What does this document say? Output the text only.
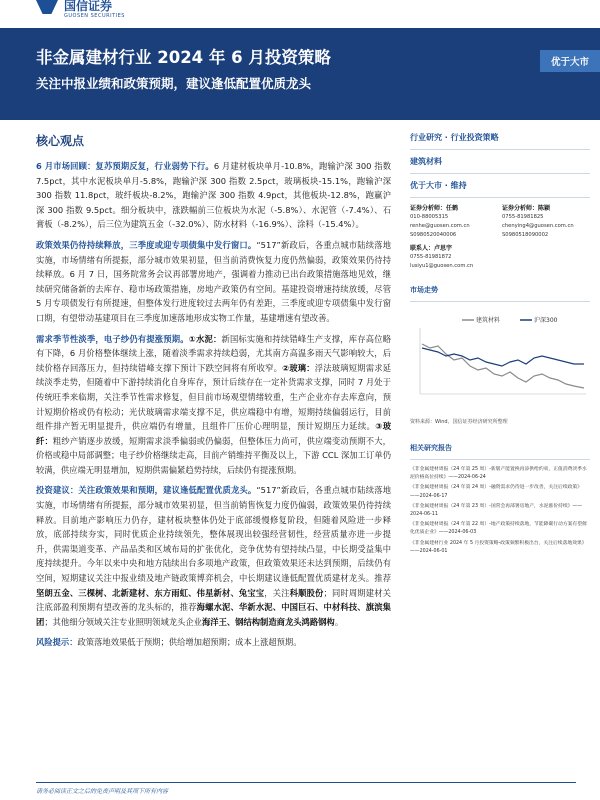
国信证券
GUOSEN SECURITIES
非金属建材行业 2024 年 6 月投资策略
关注中报业绩和政策预期，建议逢低配置优质龙头
优于大市
核心观点

6 月市场回顾：复苏预期反复，行业弱势下行。6 月建材板块单月-10.8%，跑输沪深 300 指数 7.5pct，其中水泥板块单月-5.8%，跑输沪深 300 指数 2.5pct，玻璃板块-15.1%，跑输沪深 300 指数 11.8pct，玻纤板块-8.2%，跑输沪深 300 指数 4.9pct，其他板块-12.8%，跑赢沪深 300 指数 9.5pct。细分板块中，涨跌幅前三位板块为水泥（-5.8%）、水泥管（-7.4%）、石膏板（-8.2%），后三位为建筑五金（-32.0%）、防水材料（-16.9%）、涂料（-15.4%）。

政策效果仍待持续释放，三季度或迎专项债集中发行窗口。“517”新政后，各重点城市陆续落地实施，市场情绪有所提振，部分城市效果初显，但当前消费恢复力度仍然偏弱，政策效果仍待持续释放。6 月 7 日，国务院常务会议再部署房地产，强调着力推动已出台政策措施落地见效，继续研究储备新的去库存、稳市场政策措施，房地产政策仍有空间。基建投资增速持续放缓，尽管 5 月专项债发行有所提速，但整体发行进度较过去两年仍有差距，三季度或迎专项债集中发行窗口期，有望带动基建项目在三季度加速落地形成实物工作量，基建增速有望改善。

需求季节性淡季，电子纱仍有提涨预期。①水泥：新国标实施和持续错峰生产支撑，库存高位略有下降，6 月价格整体继续上涨，随着淡季需求持续趋弱，尤其南方高温多雨天气影响较大，后续价格存回落压力，但持续错峰支撑下预计下跌空间将有所收窄。②玻璃：浮法玻璃短期需求延续淡季走势，但随着中下游持续消化自身库存，预计后续存在一定补货需求支撑，同时 7 月处于传统旺季来临期，关注季节性需求修复，但目前市场观望情绪较重，生产企业亦存去库意向，预计短期价格或仍有松动；光伏玻璃需求端支撑不足，供应端稳中有增，短期持续偏弱运行，目前组件排产暂无明显提升，供应端仍有增量，且组件厂压价心理明显，预计短期压力延续。③玻纤：粗纱产销逐步放缓，短期需求淡季偏弱或仍偏弱，但整体压力尚可，供应端变动预期不大，价格或稳中局部调整；电子纱价格继续走高，目前产销维持平衡及以上，下游 CCL 深加工订单仍较满，供应端无明显增加，短期供需偏紧趋势持续，后续仍有提涨预期。

投资建议：关注政策效果和预期，建议逢低配置优质龙头。“517”新政后，各重点城市陆续落地实施，市场情绪有所提振，部分城市效果初显，但当前销售恢复力度仍偏弱，政策效果仍待持续释放。目前地产影响压力仍存，建材板块整体仍处于底部缓慢修复阶段，但随着风险进一步释放，底部持续夯实，同时优质企业持续领先，整体展现出较强经营韧性，经营质量亦进一步提升，供需渠道变革、产品品类和区域布局的扩张优化，竞争优势有望持续凸显，中长期受益集中度持续提升。今年以来中央和地方陆续出台多项地产政策，但政策效果还未达到预期，后续仍有空间，短期建议关注中报业绩及地产链政策博弈机会，中长期建议逢低配置优质建材龙头。推荐坚朗五金、三棵树、北新建材、东方雨虹、伟星新材、兔宝宝，关注科顺股份；同时周期建材关注底部盈利预期有望改善的龙头标的，推荐海螺水泥、华新水泥、中国巨石、中材科技、旗滨集团；其他细分领域关注专业照明领域龙头企业海洋王、钢结构制造商龙头鸿路钢构。

风险提示：政策落地效果低于预期；供给增加超预期；成本上涨超预期。

行业研究 · 行业投资策略
建筑材料
优于大市 · 维持
证券分析师：任鹤
010-88005315
renhe@guosen.com.cn
S0980520040006
证券分析师：陈颖
0755-81981825
chenying4@guosen.com.cn
S0980518090002
联系人：卢思宇
0755-81981872
lusiyu1@guosen.com.cn
市场走势
建筑材料	沪深300
资料来源：Wind、国信证券经济研究所整理
相关研究报告
《非金属建材周报（24 年第 25 周）-新版产能置换再添供给约束，正值消费淡季水泥价格高位持续》——2024-06-24
《非金属建材周报（24 年第 24 周）-融资需求仍待进一步改善，关注后续政策》——2024-06-17
《非金属建材周报（24 年第 23 周）-国常会再部署房地产，水泥涨价持续》——2024-06-11
《非金属建材周报（24 年第 22 周）-地产政策持续落地，节能降碳行动方案有望催化优质企业》——2024-06-03
《非金属建材行业 2024 年 5 月投资策略-政策频繁积极出台，关注后续落地效果》——2024-06-01
请务必阅读正文之后的免责声明及其项下所有内容
